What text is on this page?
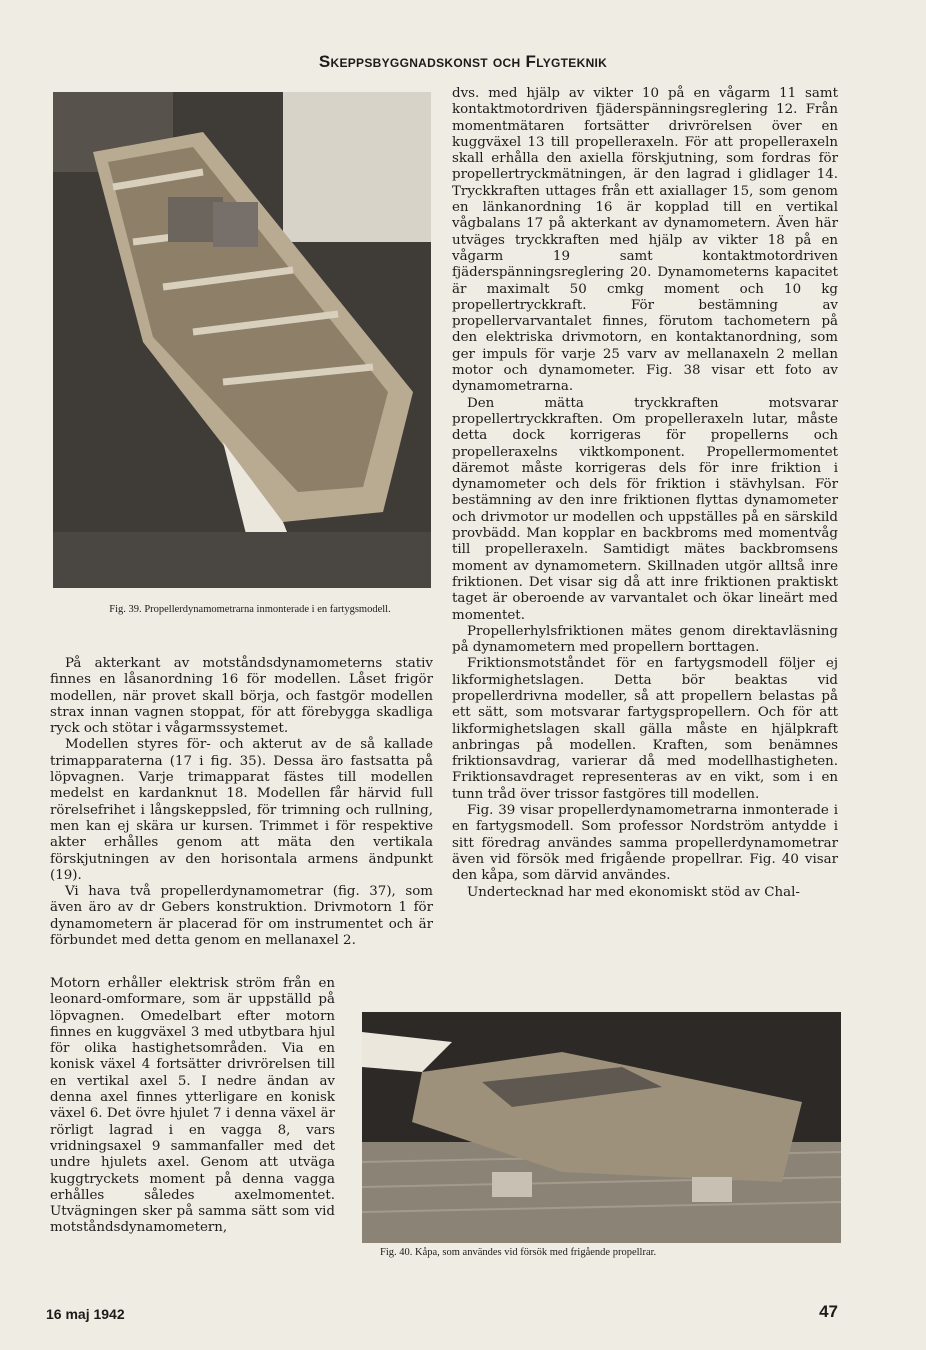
Skeppsbyggnadskonst och Flygteknik
Fig. 39. Propellerdynamometrarna inmonterade i en fartygsmodell.

På akterkant av motståndsdynamometerns stativ finnes en låsanordning 16 för modellen. Låset frigör modellen, när provet skall börja, och fastgör modellen strax innan vagnen stoppat, för att förebygga skadliga ryck och stötar i vågarmssystemet.

Modellen styres för- och akterut av de så kallade trimapparaterna (17 i fig. 35). Dessa äro fastsatta på löpvagnen. Varje trimapparat fästes till modellen medelst en kardanknut 18. Modellen får härvid full rörelsefrihet i långskeppsled, för trimning och rullning, men kan ej skära ur kursen. Trimmet i för respektive akter erhålles genom att mäta den vertikala förskjutningen av den horisontala armens ändpunkt (19).

Vi hava två propellerdynamometrar (fig. 37), som även äro av dr Gebers konstruktion. Drivmotorn 1 för dynamometern är placerad för om instrumentet och är förbundet med detta genom en mellanaxel 2.

Motorn erhåller elektrisk ström från en leonard-omformare, som är uppställd på löpvagnen. Omedelbart efter motorn finnes en kuggväxel 3 med utbytbara hjul för olika hastighetsområden. Via en konisk växel 4 fortsätter drivrörelsen till en vertikal axel 5. I nedre ändan av denna axel finnes ytterligare en konisk växel 6. Det övre hjulet 7 i denna växel är rörligt lagrad i en vagga 8, vars vridningsaxel 9 sammanfaller med det undre hjulets axel. Genom att utväga kuggtryckets moment på denna vagga erhålles således axelmomentet. Utvägningen sker på samma sätt som vid motståndsdynamometern,

dvs. med hjälp av vikter 10 på en vågarm 11 samt kontaktmotordriven fjäderspänningsreglering 12. Från momentmätaren fortsätter drivrörelsen över en kuggväxel 13 till propelleraxeln. För att propelleraxeln skall erhålla den axiella förskjutning, som fordras för propellertryckmätningen, är den lagrad i glidlager 14. Tryckkraften uttages från ett axiallager 15, som genom en länkanordning 16 är kopplad till en vertikal vågbalans 17 på akterkant av dynamometern. Även här utväges tryckkraften med hjälp av vikter 18 på en vågarm 19 samt kontaktmotordriven fjäderspänningsreglering 20. Dynamometerns kapacitet är maximalt 50 cmkg moment och 10 kg propellertryckkraft. För bestämning av propellervarvantalet finnes, förutom tachometern på den elektriska drivmotorn, en kontaktanordning, som ger impuls för varje 25 varv av mellanaxeln 2 mellan motor och dynamometer. Fig. 38 visar ett foto av dynamometrarna.

Den mätta tryckkraften motsvarar propellertryckkraften. Om propelleraxeln lutar, måste detta dock korrigeras för propellerns och propelleraxelns viktkomponent. Propellermomentet däremot måste korrigeras dels för inre friktion i dynamometer och dels för friktion i stävhylsan. För bestämning av den inre friktionen flyttas dynamometer och drivmotor ur modellen och uppställes på en särskild provbädd. Man kopplar en backbroms med momentvåg till propelleraxeln. Samtidigt mätes backbromsens moment av dynamometern. Skillnaden utgör alltså inre friktionen. Det visar sig då att inre friktionen praktiskt taget är oberoende av varvantalet och ökar lineärt med momentet.

Propellerhylsfriktionen mätes genom direktavläsning på dynamometern med propellern borttagen.

Friktionsmotståndet för en fartygsmodell följer ej likformighetslagen. Detta bör beaktas vid propellerdrivna modeller, så att propellern belastas på ett sätt, som motsvarar fartygspropellern. Och för att likformighetslagen skall gälla måste en hjälpkraft anbringas på modellen. Kraften, som benämnes friktionsavdrag, varierar då med modellhastigheten. Friktionsavdraget representeras av en vikt, som i en tunn tråd över trissor fastgöres till modellen.

Fig. 39 visar propellerdynamometrarna inmonterade i en fartygsmodell. Som professor Nordström antydde i sitt föredrag användes samma propellerdynamometrar även vid försök med frigående propellrar. Fig. 40 visar den kåpa, som därvid användes.

Undertecknad har med ekonomiskt stöd av Chal-

Fig. 40. Kåpa, som användes vid försök med frigående propellrar.
16 maj 1942	47
